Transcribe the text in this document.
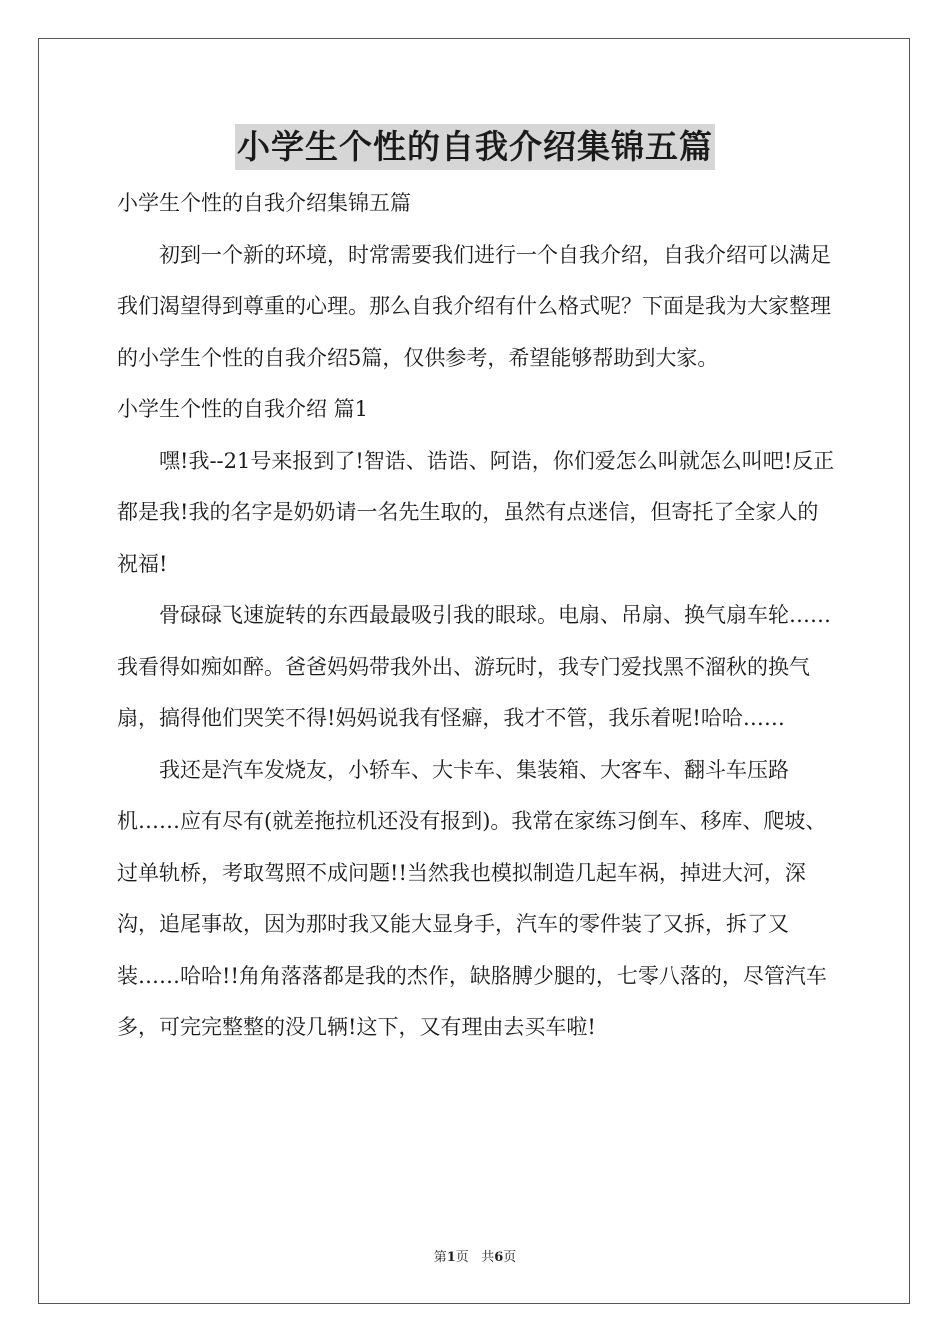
小学生个性的自我介绍集锦五篇

小学生个性的自我介绍集锦五篇

初到一个新的环境，时常需要我们进行一个自我介绍，自我介绍可以满足我们渴望得到尊重的心理。那么自我介绍有什么格式呢？下面是我为大家整理的小学生个性的自我介绍5篇，仅供参考，希望能够帮助到大家。

小学生个性的自我介绍 篇1

嘿!我--21号来报到了!智诰、诰诰、阿诰，你们爱怎么叫就怎么叫吧!反正都是我!我的名字是奶奶请一名先生取的，虽然有点迷信，但寄托了全家人的祝福!

骨碌碌飞速旋转的东西最最吸引我的眼球。电扇、吊扇、换气扇车轮……我看得如痴如醉。爸爸妈妈带我外出、游玩时，我专门爱找黑不溜秋的换气扇，搞得他们哭笑不得!妈妈说我有怪癖，我才不管，我乐着呢!哈哈……

我还是汽车发烧友，小轿车、大卡车、集装箱、大客车、翻斗车压路机……应有尽有(就差拖拉机还没有报到)。我常在家练习倒车、移库、爬坡、过单轨桥，考取驾照不成问题!!当然我也模拟制造几起车祸，掉进大河，深沟，追尾事故，因为那时我又能大显身手，汽车的零件装了又拆，拆了又装……哈哈!!角角落落都是我的杰作，缺胳膊少腿的，七零八落的，尽管汽车多，可完完整整的没几辆!这下，又有理由去买车啦!

第1页 共6页
